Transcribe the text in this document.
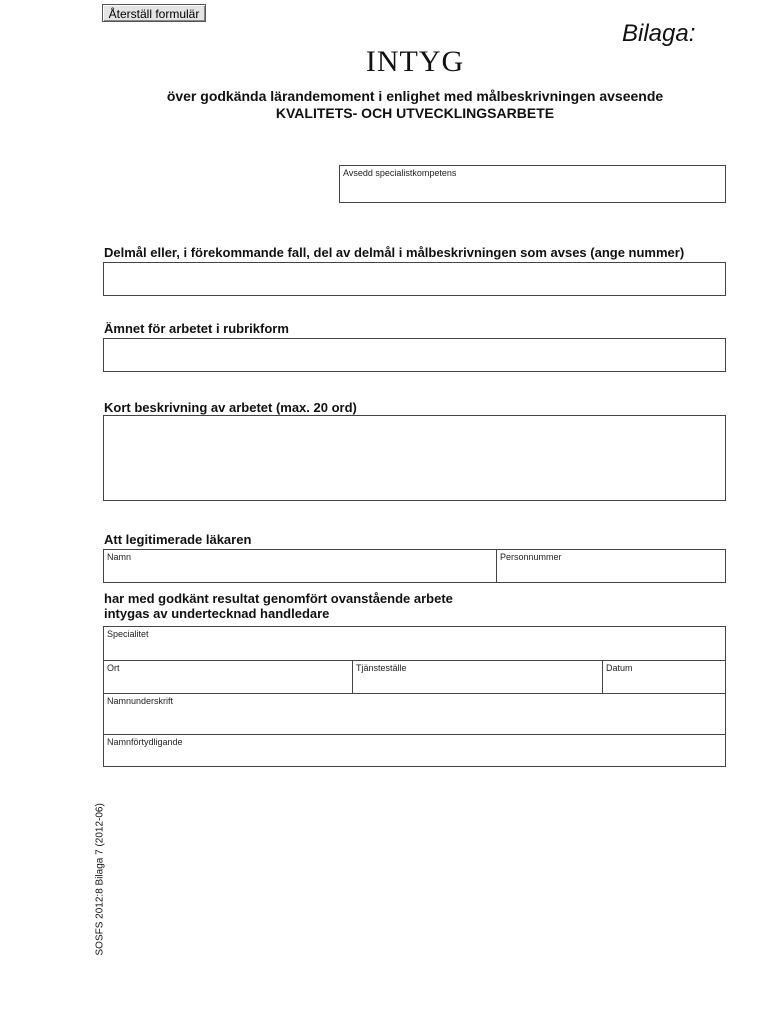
Återställ formulär
Bilaga:
INTYG
över godkända lärandemoment i enlighet med målbeskrivningen avseende
KVALITETS- OCH UTVECKLINGSARBETE
Avsedd specialistkompetens
Delmål eller, i förekommande fall, del av delmål i målbeskrivningen som avses (ange nummer)
Ämnet för arbetet i rubrikform
Kort beskrivning av arbetet (max. 20 ord)
Att legitimerade läkaren
Namn	Personnummer
har med godkänt resultat genomfört ovanstående arbete
intygas av undertecknad handledare
Specialitet
Ort	Tjänsteställe	Datum
Namnunderskrift
Namnförtydligande
SOSFS 2012:8 Bilaga 7 (2012-06)
